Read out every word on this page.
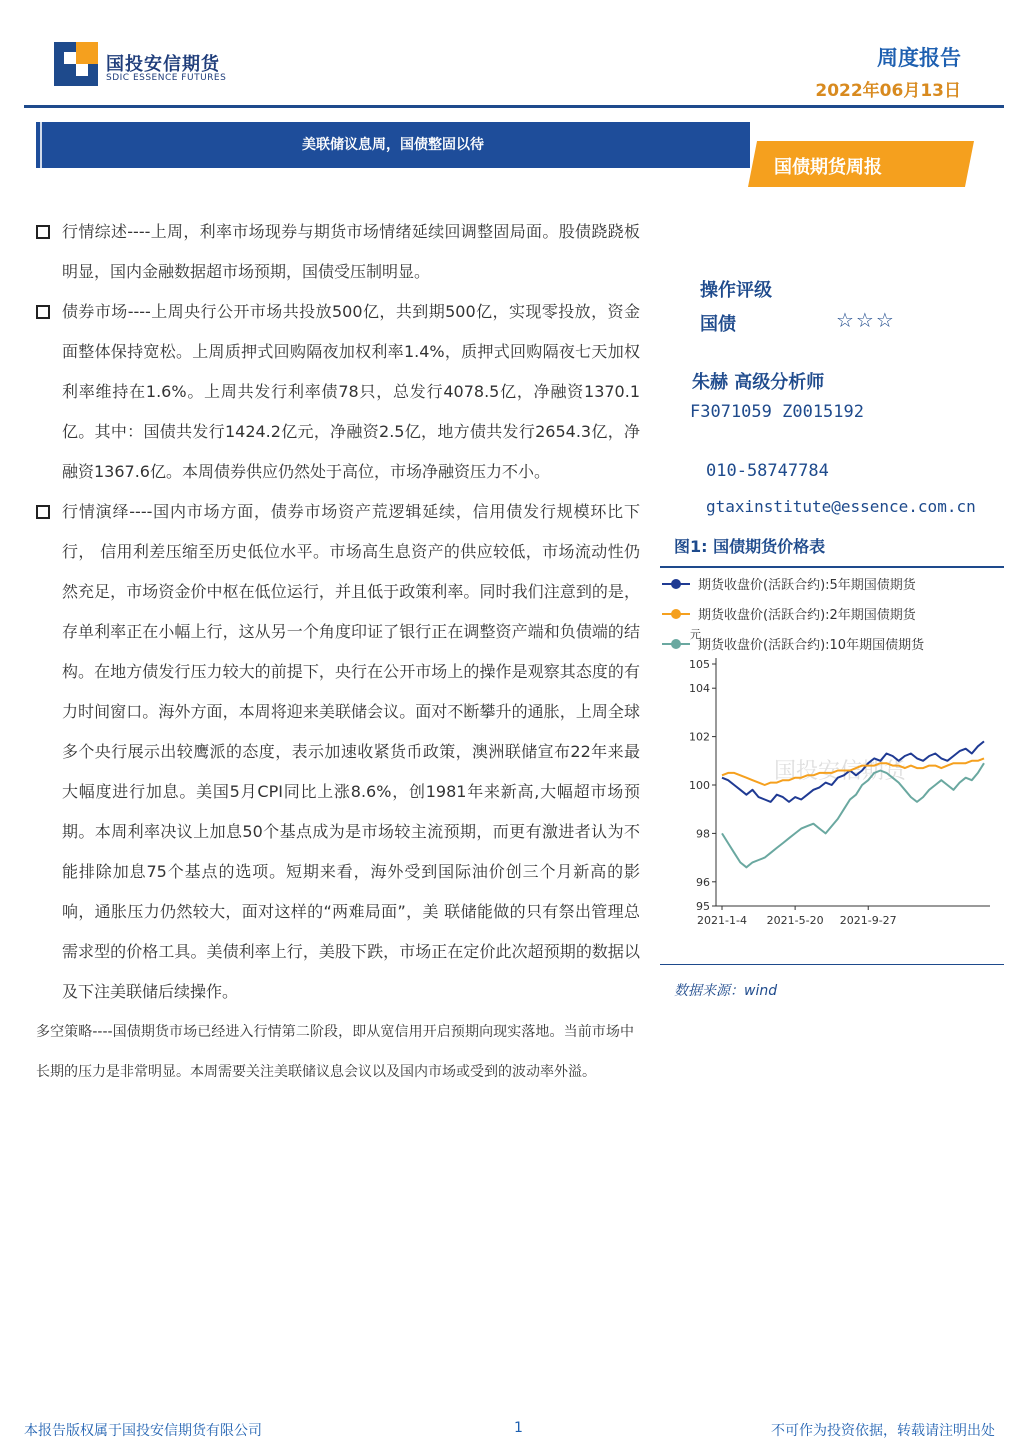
国投安信期货
SDIC ESSENCE FUTURES
周度报告
2022年06月13日
美联储议息周，国债整固以待
国债期货周报
行情综述----上周，利率市场现券与期货市场情绪延续回调整固局面。股债跷跷板明显，国内金融数据超市场预期，国债受压制明显。
债券市场----上周央行公开市场共投放500亿，共到期500亿，实现零投放，资金面整体保持宽松。上周质押式回购隔夜加权利率1.4%，质押式回购隔夜七天加权利率维持在1.6%。上周共发行利率债78只，总发行4078.5亿，净融资1370.1亿。其中：国债共发行1424.2亿元，净融资2.5亿，地方债共发行2654.3亿，净融资1367.6亿。本周债券供应仍然处于高位，市场净融资压力不小。
行情演绎----国内市场方面，债券市场资产荒逻辑延续，信用债发行规模环比下行， 信用利差压缩至历史低位水平。市场高生息资产的供应较低，市场流动性仍然充足，市场资金价中枢在低位运行，并且低于政策利率。同时我们注意到的是，存单利率正在小幅上行，这从另一个角度印证了银行正在调整资产端和负债端的结构。在地方债发行压力较大的前提下，央行在公开市场上的操作是观察其态度的有力时间窗口。海外方面，本周将迎来美联储会议。面对不断攀升的通胀，上周全球多个央行展示出较鹰派的态度，表示加速收紧货币政策，澳洲联储宣布22年来最大幅度进行加息。美国5月CPI同比上涨8.6%，创1981年来新高,大幅超市场预期。本周利率决议上加息50个基点成为是市场较主流预期，而更有激进者认为不能排除加息75个基点的选项。短期来看，海外受到国际油价创三个月新高的影响，通胀压力仍然较大，面对这样的“两难局面”，美 联储能做的只有祭出管理总需求型的价格工具。美债利率上行，美股下跌，市场正在定价此次超预期的数据以及下注美联储后续操作。
多空策略----国债期货市场已经进入行情第二阶段，即从宽信用开启预期向现实落地。当前市场中长期的压力是非常明显。本周需要关注美联储议息会议以及国内市场或受到的波动率外溢。
操作评级
国债	☆☆☆
朱赫 高级分析师
F3071059 Z0015192
010-58747784
gtaxinstitute@essence.com.cn
图1: 国债期货价格表
国投安信期货
期货收盘价(活跃合约):5年期国债期货
期货收盘价(活跃合约):2年期国债期货
期货收盘价(活跃合约):10年期国债期货
元
95
96
98
100
102
104
105
2021-1-4 2021-5-20 2021-9-27
数据来源：wind
本报告版权属于国投安信期货有限公司	1	不可作为投资依据，转载请注明出处
